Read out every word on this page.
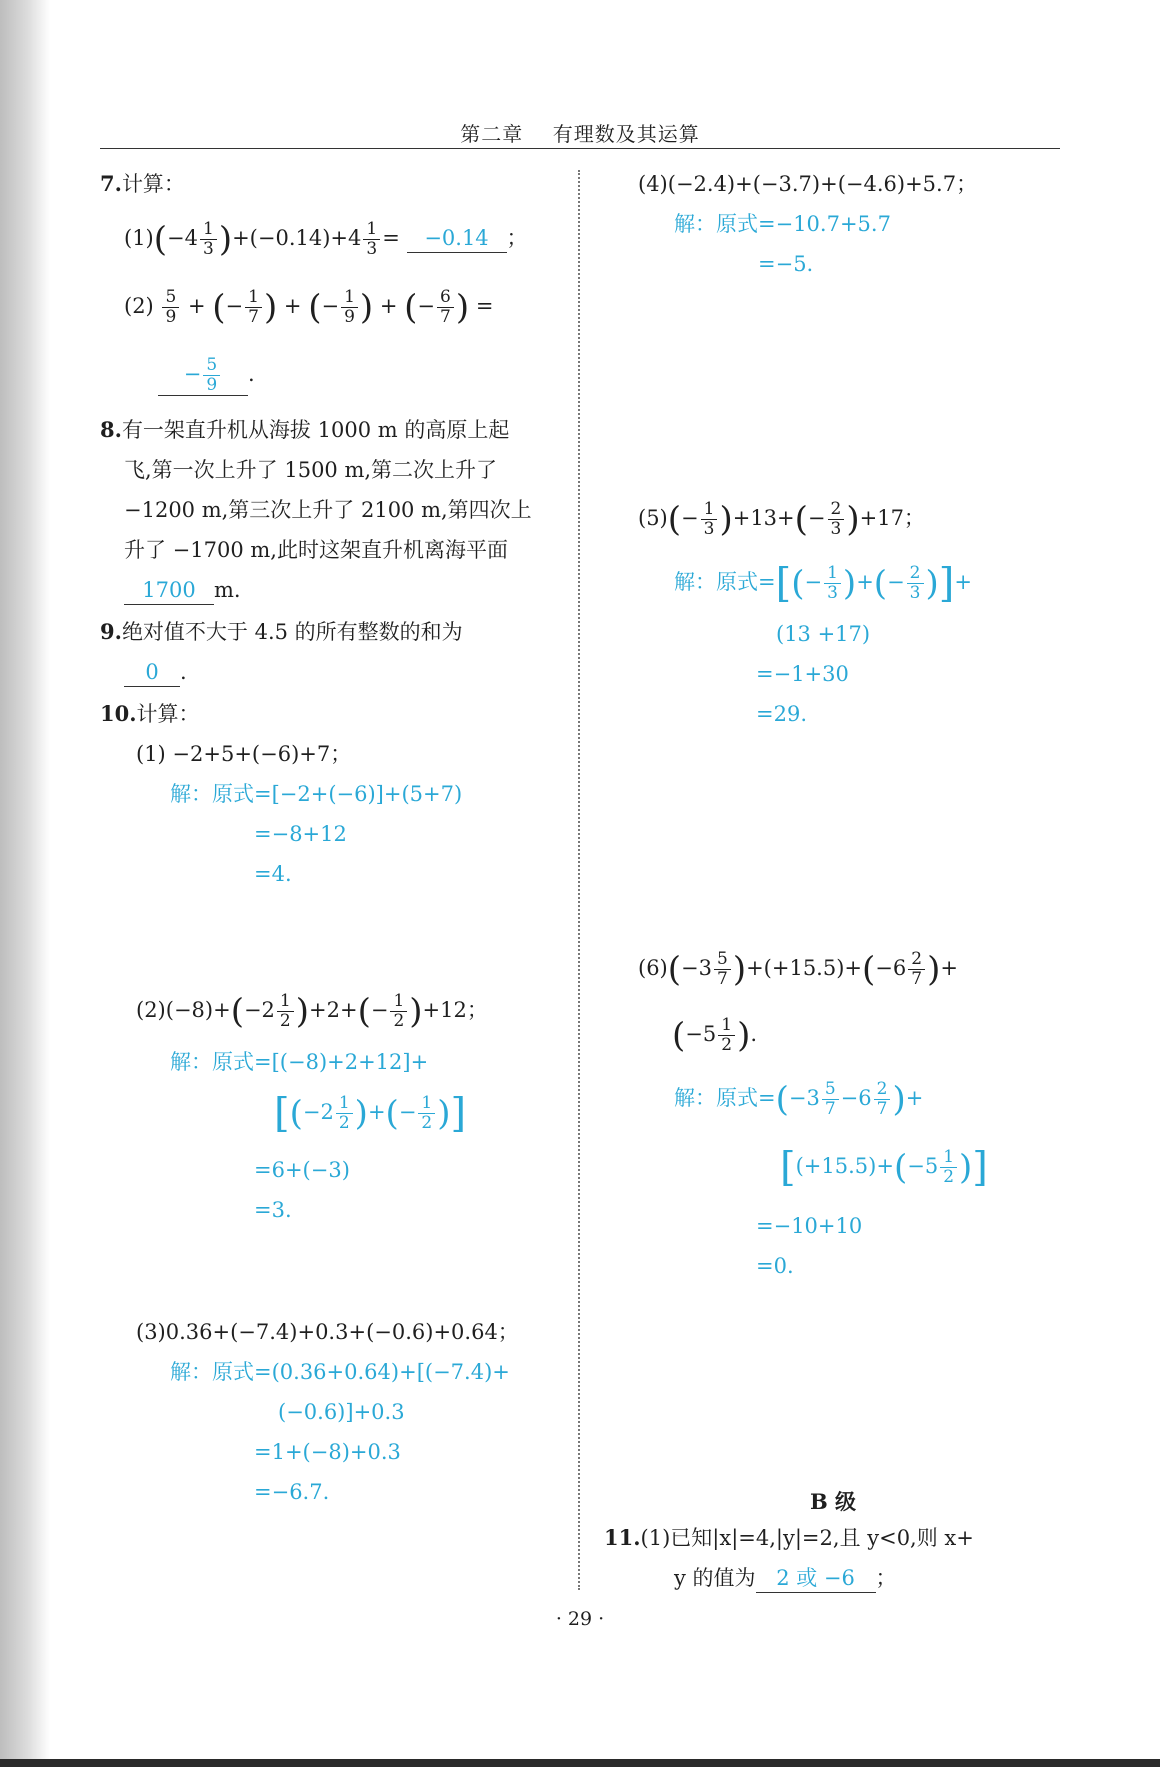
第二章 有理数及其运算
7.计算：
$(1)(-4 \frac{1}{3} )+(-0.14)+4 \frac{1}{3} = -0.14$ ；
$(2) \frac{5}{9}$ + (− $\frac{1}{7}$ ) + (− $\frac{1}{9}$ ) + (− $\frac{6}{7}$ ) =
− $\frac{5}{9}$ .
8.有一架直升机从海拔 1000 m 的高原上起
飞,第一次上升了 1500 m,第二次上升了
−1200 m,第三次上升了 2100 m,第四次上
升了 −1700 m,此时这架直升机离海平面
1700 m.
9.绝对值不大于 4.5 的所有整数的和为
0 .
10.计算：
(1) −2+5+(−6)+7；
解：原式=[−2+(−6)]+(5+7)
=−8+12
=4.
$(2)(-8)+(-2 \frac{1}{2} )+2+(- \frac{1}{2} )+12$；
解：原式=[(−8)+2+12]+
[($-2 \frac{1}{2}$ )+(− $\frac{1}{2}$ )]
=6+(−3)
=3.
(3)0.36+(−7.4)+0.3+(−0.6)+0.64；
解：原式=(0.36+0.64)+[(−7.4)+
(−0.6)]+0.3
=1+(−8)+0.3
=−6.7.
(4)(−2.4)+(−3.7)+(−4.6)+5.7；
解：原式=−10.7+5.7
=−5.
$(5)(- \frac{1}{3} )+13+(- \frac{2}{3} )+17$；
解：原式=[(− $\frac{1}{3}$ )+(− $\frac{2}{3}$ )]+
(13 +17)
=−1+30
=29.
$(6)(-3 \frac{5}{7} )+(+15.5)+(-6 \frac{2}{7}$ )+
($-5 \frac{1}{2}$ ).
解：原式$=(-3 \frac{5}{7} -6 \frac{2}{7}$ )+
[$(+15.5)+(-5 \frac{1}{2}$ )]
=−10+10
=0.
B 级
11.(1)已知|x|=4,|y|=2,且 y<0,则 x+
y 的值为 2 或 −6 ；
· 29 ·
